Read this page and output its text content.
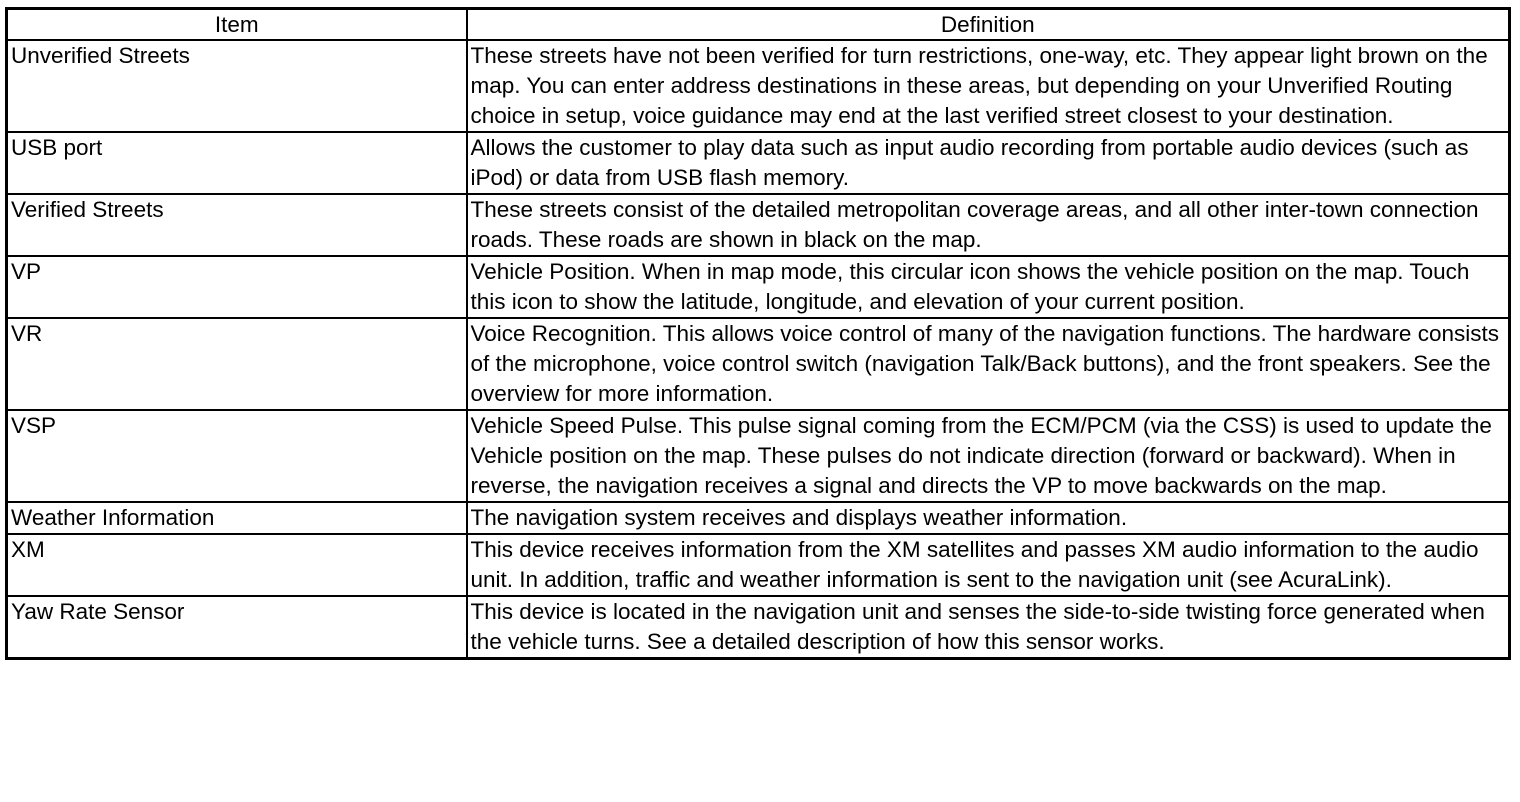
Item	Definition
Unverified Streets	These streets have not been verified for turn restrictions, one-way, etc. They appear light brown on the map. You can enter address destinations in these areas, but depending on your Unverified Routing choice in setup, voice guidance may end at the last verified street closest to your destination.
USB port	Allows the customer to play data such as input audio recording from portable audio devices (such as iPod) or data from USB flash memory.
Verified Streets	These streets consist of the detailed metropolitan coverage areas, and all other inter-town connection roads. These roads are shown in black on the map.
VP	Vehicle Position. When in map mode, this circular icon shows the vehicle position on the map. Touch this icon to show the latitude, longitude, and elevation of your current position.
VR	Voice Recognition. This allows voice control of many of the navigation functions. The hardware consists of the microphone, voice control switch (navigation Talk/Back buttons), and the front speakers. See the overview for more information.
VSP	Vehicle Speed Pulse. This pulse signal coming from the ECM/PCM (via the CSS) is used to update the Vehicle position on the map. These pulses do not indicate direction (forward or backward). When in reverse, the navigation receives a signal and directs the VP to move backwards on the map.
Weather Information	The navigation system receives and displays weather information.
XM	This device receives information from the XM satellites and passes XM audio information to the audio unit. In addition, traffic and weather information is sent to the navigation unit (see AcuraLink).
Yaw Rate Sensor	This device is located in the navigation unit and senses the side-to-side twisting force generated when the vehicle turns. See a detailed description of how this sensor works.
